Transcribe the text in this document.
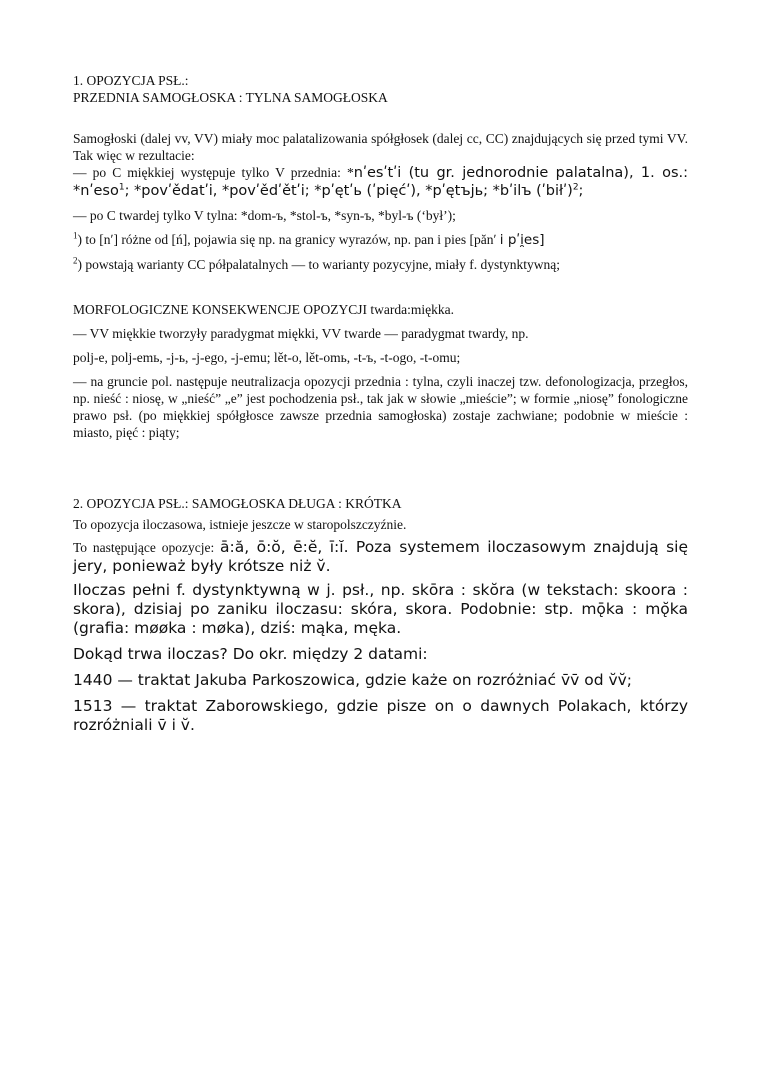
1. OPOZYCJA PSŁ.:

PRZEDNIA SAMOGŁOSKA : TYLNA SAMOGŁOSKA

Samogłoski (dalej vv, VV) miały moc palatalizowania spółgłosek (dalej cc, CC) znajdujących się przed tymi VV. Tak więc w rezultacie:

— po C miękkiej występuje tylko V przednia: *nʹesʹtʹi (tu gr. jednorodnie palatalna), 1. os.: *nʹeso$^1$; *povʹědatʹi, *povʹědʹětʹi; *pʹętʹь (ʹpięćʹ), *pʹętъjь; *bʹilъ (ʹbiłʹ)$^2$;

— po C twardej tylko V tylna: *dom-ъ, *stol-ъ, *syn-ъ, *byl-ъ (‘był’);

$^1$) to [nʹ] różne od [ń], pojawia się np. na granicy wyrazów, np. pan i pies [pănʹ i pʹi̯es]

$^2$) powstają warianty CC półpalatalnych — to warianty pozycyjne, miały f. dystynktywną;

MORFOLOGICZNE KONSEKWENCJE OPOZYCJI twarda:miękka.

— VV miękkie tworzyły paradygmat miękki, VV twarde — paradygmat twardy, np.

polj-e, polj-emь, -j-ь, -j-ego, -j-emu; lět-o, lět-omь, -t-ъ, -t-ogo, -t-omu;

— na gruncie pol. następuje neutralizacja opozycji przednia : tylna, czyli inaczej tzw. defonologizacja, przegłos, np. nieść : niosę, w „nieść” „e” jest pochodzenia psł., tak jak w słowie „mieście”; w formie „niosę” fonologiczne prawo psł. (po miękkiej spółgłosce zawsze przednia samogłoska) zostaje zachwiane; podobnie w mieście : miasto, pięć : piąty;

2. OPOZYCJA PSŁ.: SAMOGŁOSKA DŁUGA : KRÓTKA

To opozycja iloczasowa, istnieje jeszcze w staropolszczyźnie.

To następujące opozycje: ā:ă, ō:ŏ, ē:ĕ, ī:ĭ. Poza systemem iloczasowym znajdują się jery, ponieważ były krótsze niż v̆.

Iloczas pełni f. dystynktywną w j. psł., np. skōra : skŏra (w tekstach: skoora : skora), dzisiaj po zaniku iloczasu: skóra, skora. Podobnie: stp. mǭka : mǫ̆ka (grafia: møøka : møka), dziś: mąka, męka.

Dokąd trwa iloczas? Do okr. między 2 datami:

1440 — traktat Jakuba Parkoszowica, gdzie każe on rozróżniać v̄v̄ od v̆v̆;

1513 — traktat Zaborowskiego, gdzie pisze on o dawnych Polakach, którzy rozróżniali v̄ i v̆.
